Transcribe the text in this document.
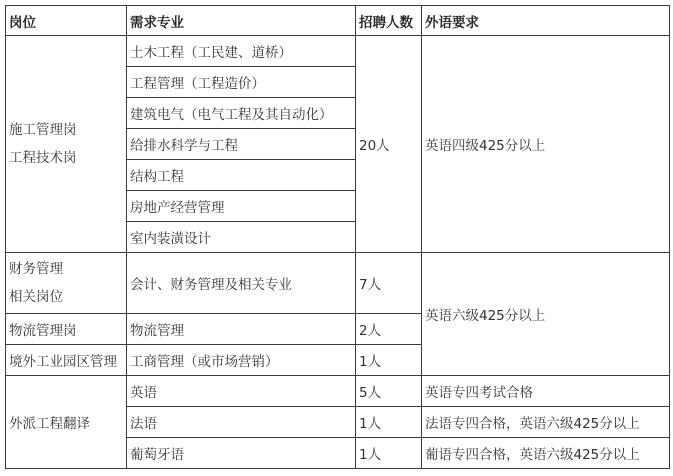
岗位	需求专业	招聘人数	外语要求

施工管理岗
工程技术岗	土木工程（工民建、道桥）	20人	英语四级425分以上
	工程管理（工程造价）		
	建筑电气（电气工程及其自动化）		
	给排水科学与工程		
	结构工程		
	房地产经营管理		
	室内装潢设计		

财务管理
相关岗位	会计、财务管理及相关专业	7人	英语六级425分以上
物流管理岗	物流管理	2人	
境外工业园区管理	工商管理（或市场营销）	1人	
外派工程翻译	英语	5人	英语专四考试合格
	法语	1人	法语专四合格，英语六级425分以上
	葡萄牙语	1人	葡语专四合格，英语六级425分以上
